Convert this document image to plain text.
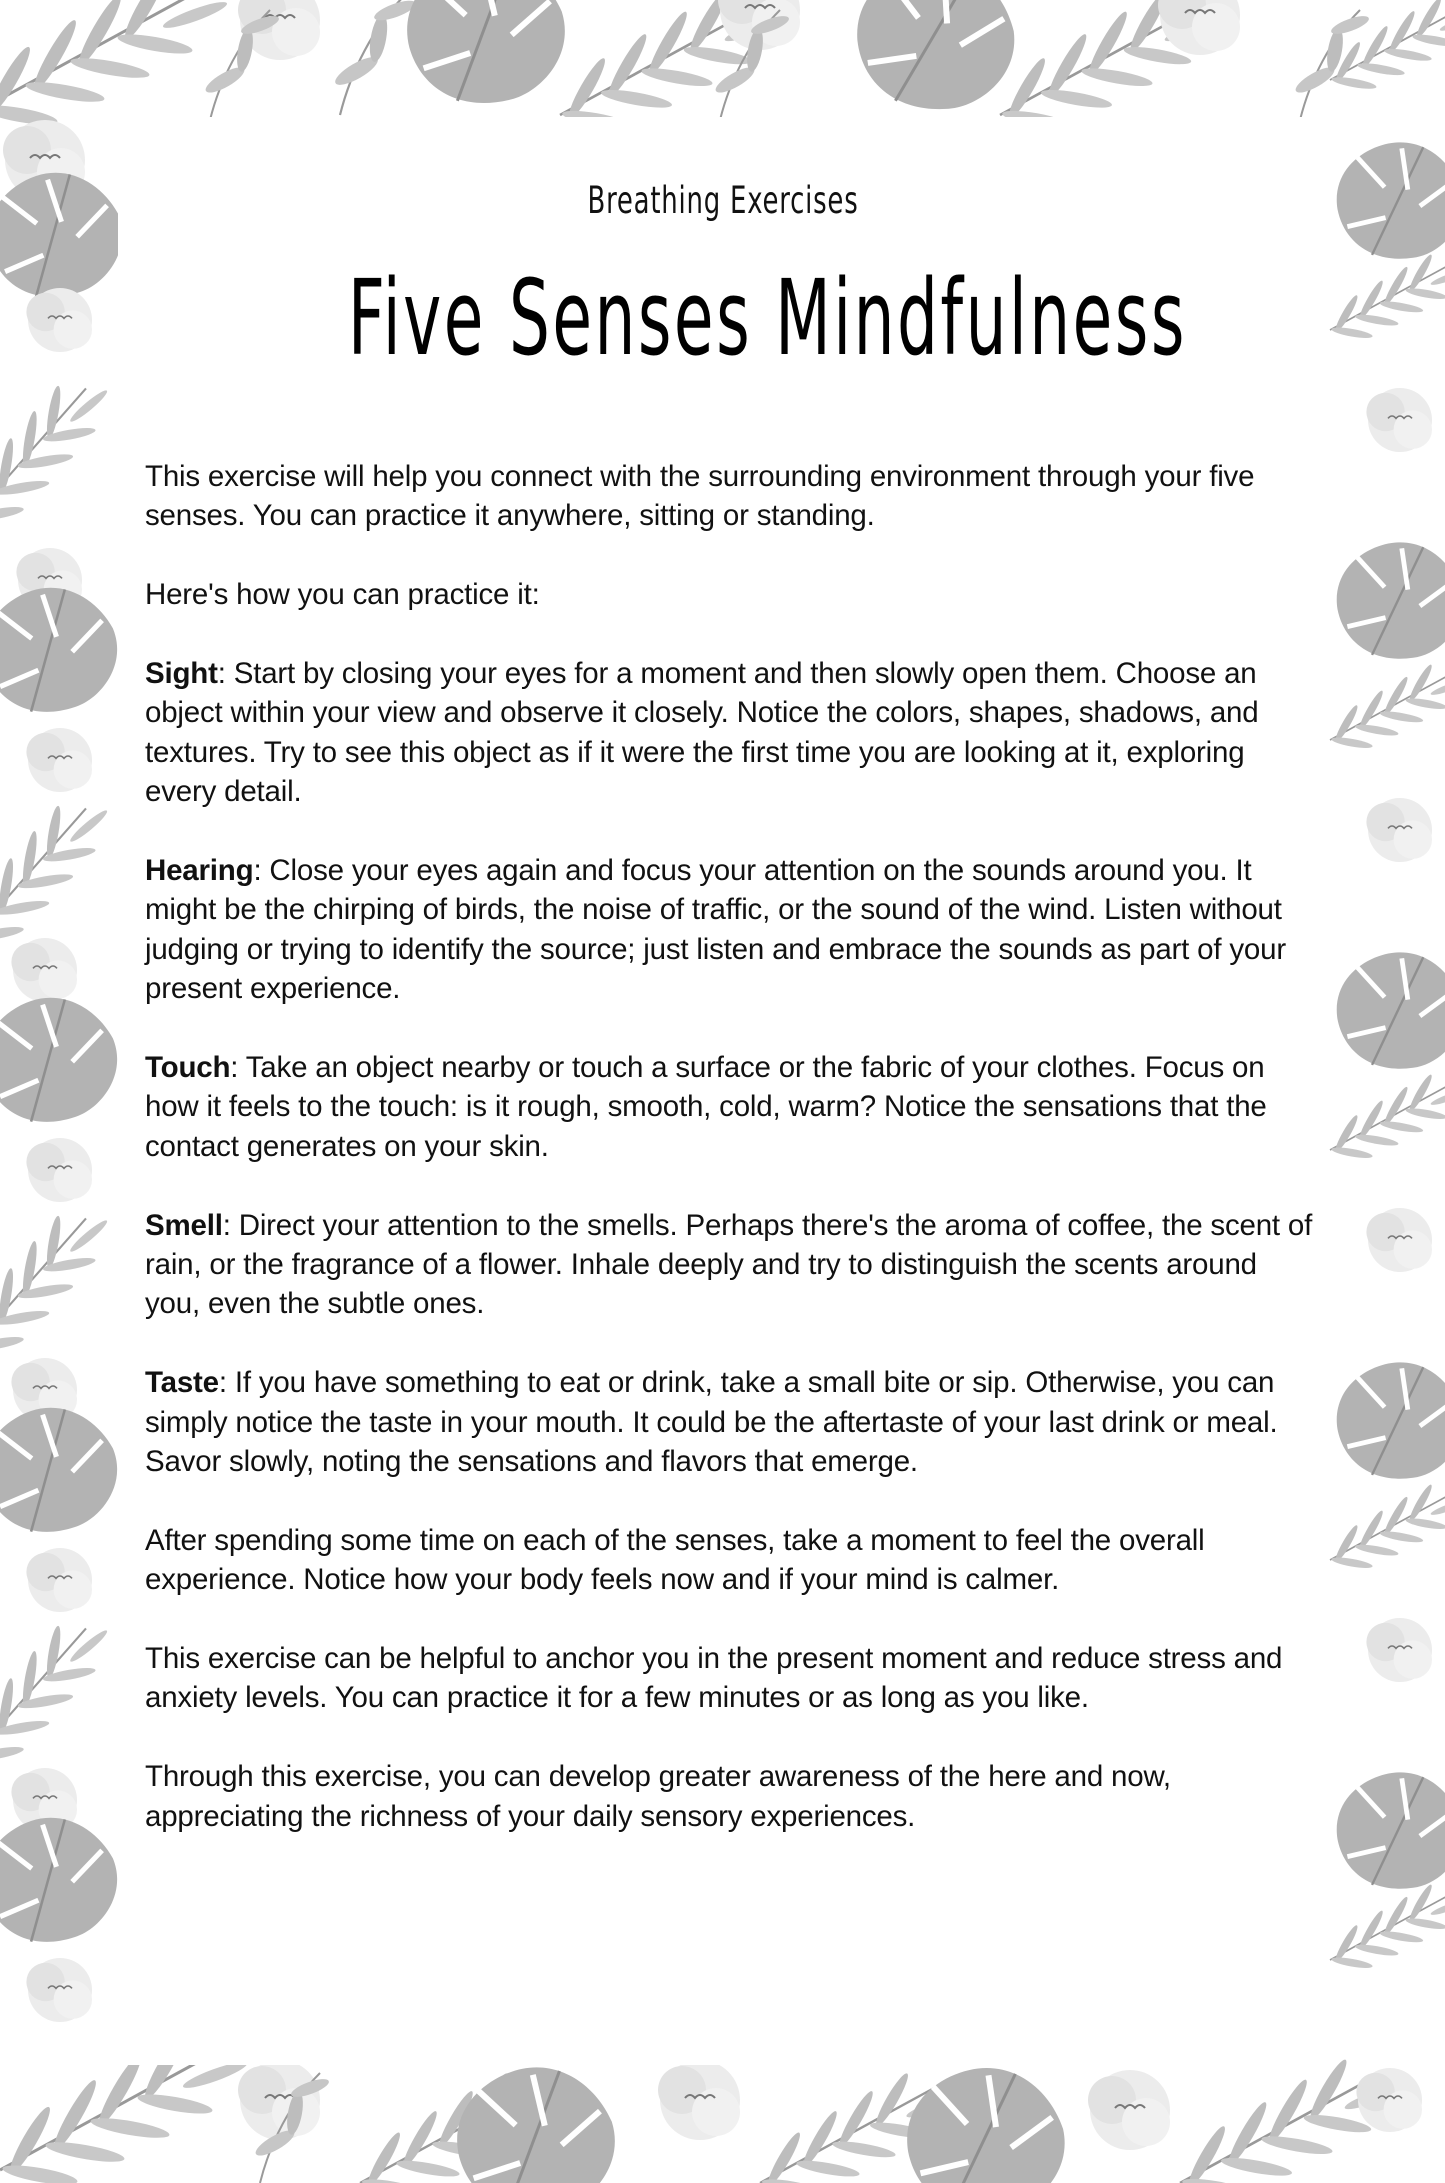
Breathing Exercises
Five Senses Mindfulness

This exercise will help you connect with the surrounding environment through your five senses. You can practice it anywhere, sitting or standing.

Here's how you can practice it:

Sight: Start by closing your eyes for a moment and then slowly open them. Choose an object within your view and observe it closely. Notice the colors, shapes, shadows, and textures. Try to see this object as if it were the first time you are looking at it, exploring every detail.

Hearing: Close your eyes again and focus your attention on the sounds around you. It might be the chirping of birds, the noise of traffic, or the sound of the wind. Listen without judging or trying to identify the source; just listen and embrace the sounds as part of your present experience.

Touch: Take an object nearby or touch a surface or the fabric of your clothes. Focus on how it feels to the touch: is it rough, smooth, cold, warm? Notice the sensations that the contact generates on your skin.

Smell: Direct your attention to the smells. Perhaps there's the aroma of coffee, the scent of rain, or the fragrance of a flower. Inhale deeply and try to distinguish the scents around you, even the subtle ones.

Taste: If you have something to eat or drink, take a small bite or sip. Otherwise, you can simply notice the taste in your mouth. It could be the aftertaste of your last drink or meal. Savor slowly, noting the sensations and flavors that emerge.

After spending some time on each of the senses, take a moment to feel the overall experience. Notice how your body feels now and if your mind is calmer.

This exercise can be helpful to anchor you in the present moment and reduce stress and anxiety levels. You can practice it for a few minutes or as long as you like.

Through this exercise, you can develop greater awareness of the here and now, appreciating the richness of your daily sensory experiences.
